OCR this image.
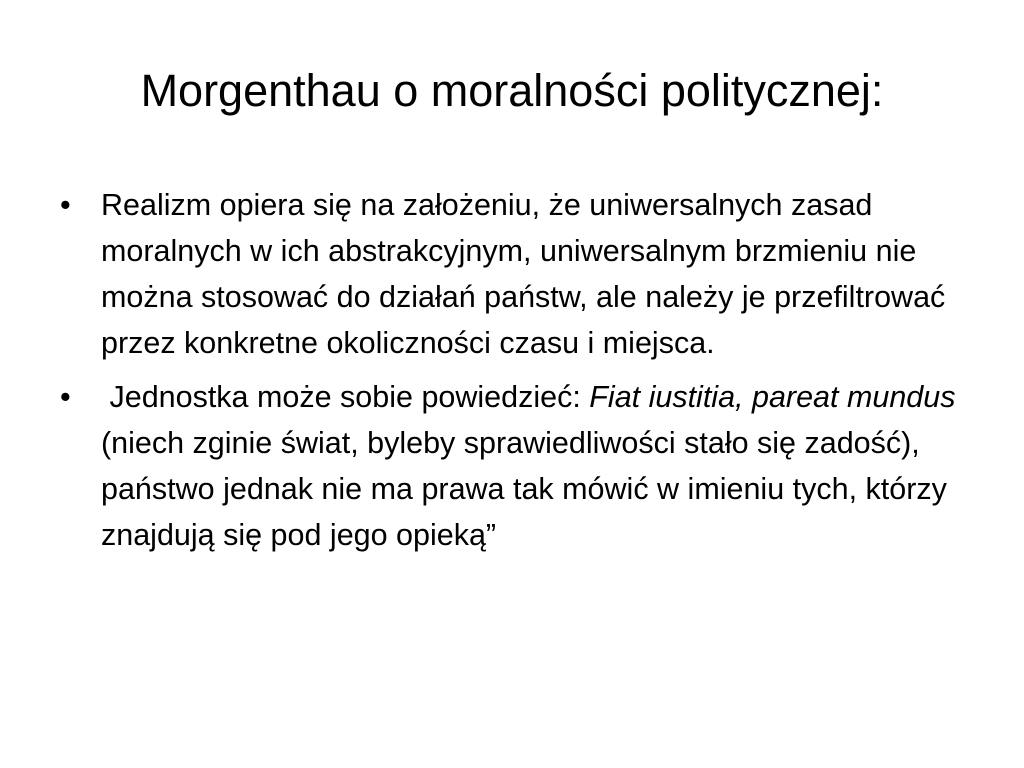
Morgenthau o moralności politycznej:
• Realizm opiera się na założeniu, że uniwersalnych zasad moralnych w ich abstrakcyjnym, uniwersalnym brzmieniu nie można stosować do działań państw, ale należy je przefiltrować przez konkretne okoliczności czasu i miejsca.
• Jednostka może sobie powiedzieć: Fiat iustitia, pareat mundus (niech zginie świat, byleby sprawiedliwości stało się zadość), państwo jednak nie ma prawa tak mówić w imieniu tych, którzy znajdują się pod jego opieką”
